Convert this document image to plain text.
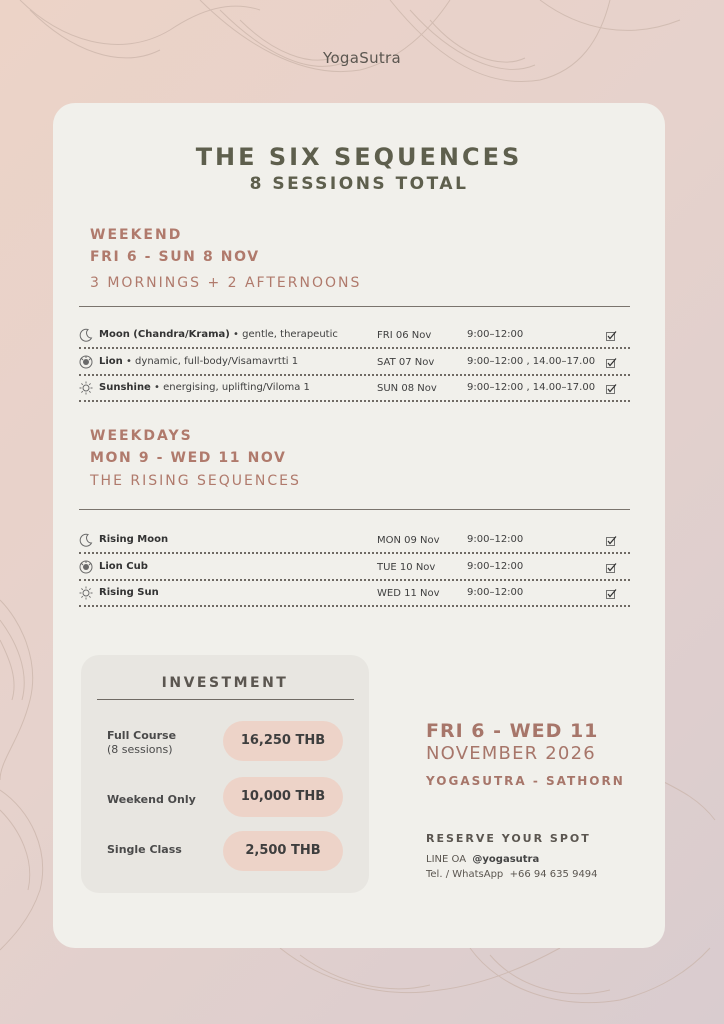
YogaSutra
THE SIX SEQUENCES
8 SESSIONS TOTAL
WEEKEND
FRI 6 - SUN 8 NOV
3 MORNINGS + 2 AFTERNOONS
Moon (Chandra/Krama) • gentle, therapeutic	FRI 06 Nov	9:00–12:00
Lion • dynamic, full-body/Visamavrtti 1	SAT 07 Nov	9:00–12:00 , 14.00–17.00
Sunshine • energising, uplifting/Viloma 1	SUN 08 Nov	9:00–12:00 , 14.00–17.00
WEEKDAYS
MON 9 - WED 11 NOV
THE RISING SEQUENCES
Rising Moon	MON 09 Nov	9:00–12:00
Lion Cub	TUE 10 Nov	9:00–12:00
Rising Sun	WED 11 Nov	9:00–12:00
INVESTMENT
Full Course
(8 sessions)
16,250 THB
Weekend Only	10,000 THB
Single Class	2,500 THB
FRI 6 - WED 11
NOVEMBER 2026
YOGASUTRA - SATHORN
RESERVE YOUR SPOT
LINE OA @yogasutra
Tel. / WhatsApp +66 94 635 9494
